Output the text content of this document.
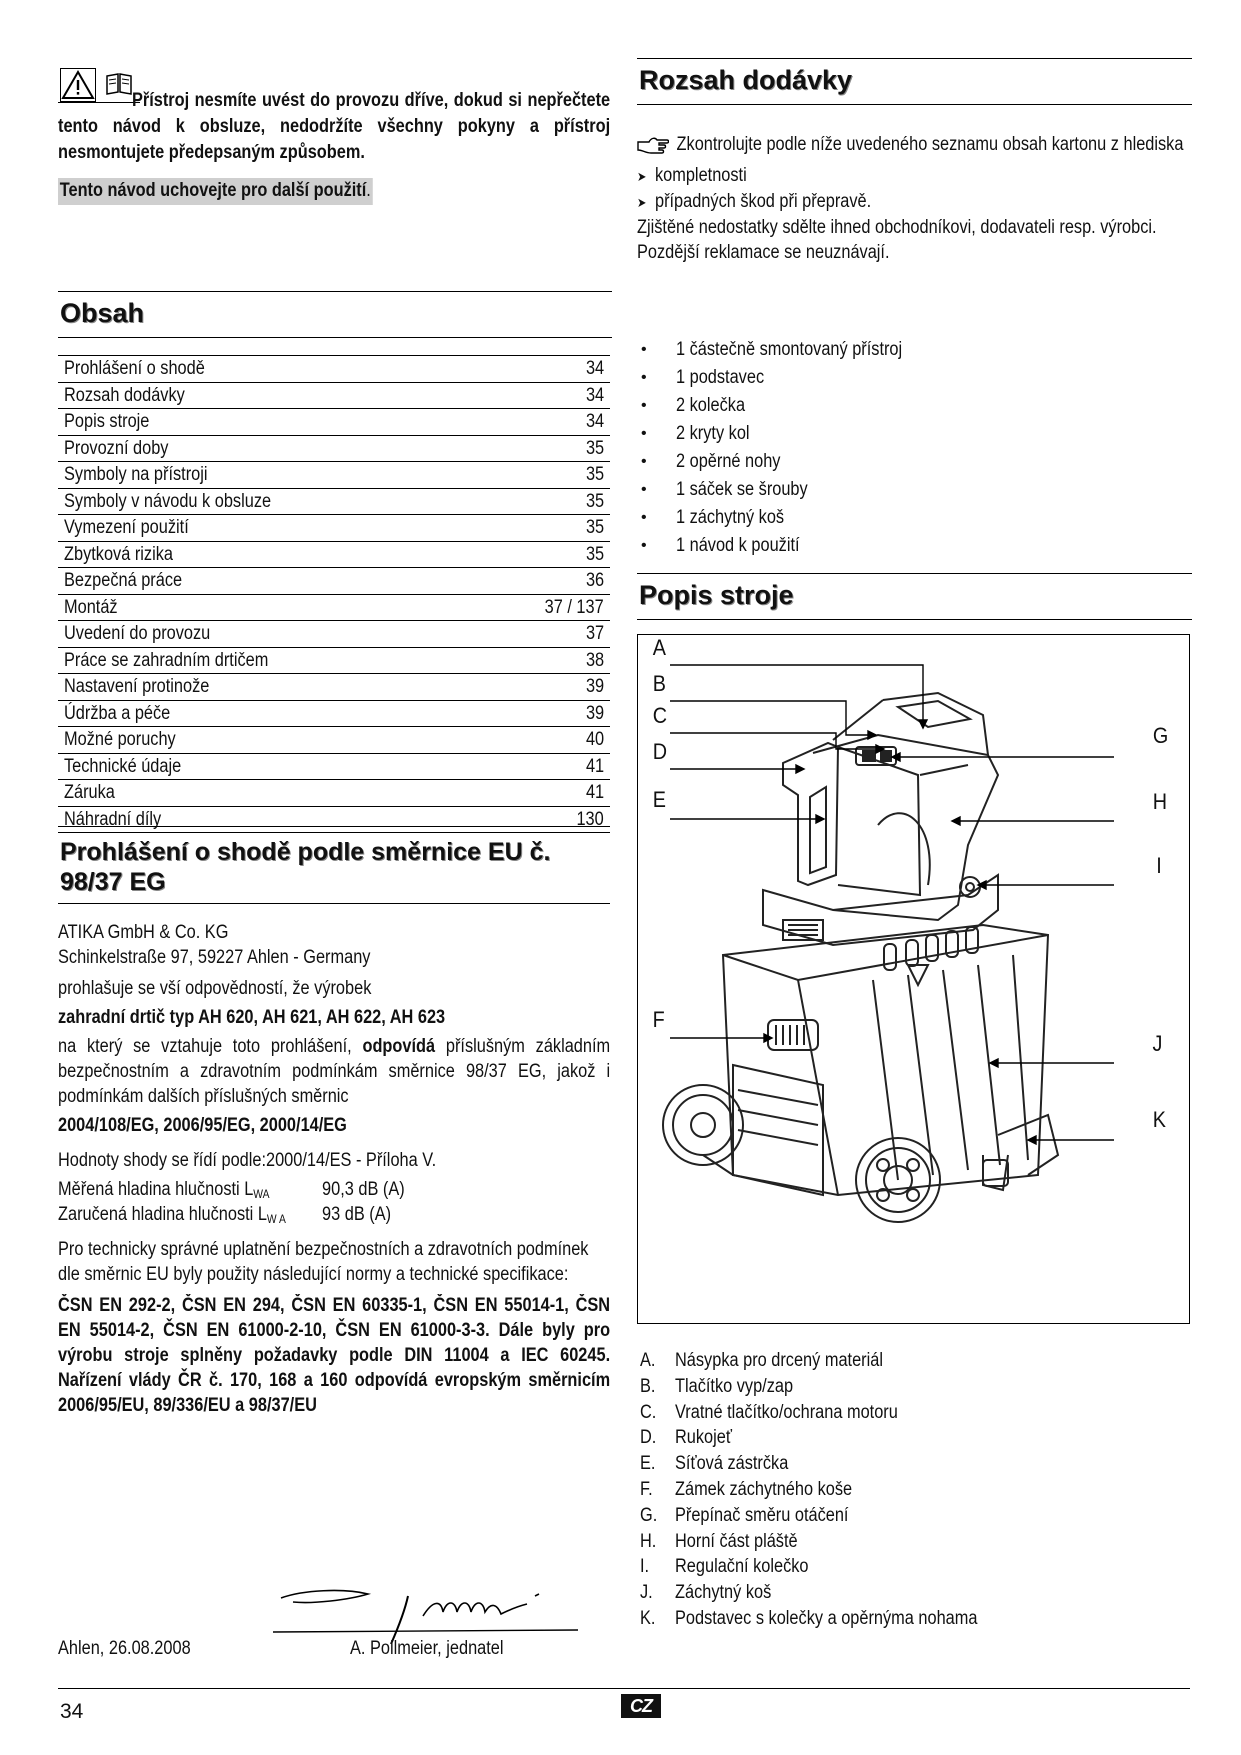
Přístroj nesmíte uvést do provozu dříve, dokud si nepřečtete tento návod k obsluze, nedodržíte všechny pokyny a přístroj nesmontujete předepsaným způsobem.
Tento návod uchovejte pro další použití.
Obsah
Prohlášení o shodě	34
Rozsah dodávky	34
Popis stroje	34
Provozní doby	35
Symboly na přístroji	35
Symboly v návodu k obsluze	35
Vymezení použití	35
Zbytková rizika	35
Bezpečná práce	36
Montáž	37 / 137
Uvedení do provozu	37
Práce se zahradním drtičem	38
Nastavení protinože	39
Údržba a péče	39
Možné poruchy	40
Technické údaje	41
Záruka	41
Náhradní díly	130
Prohlášení o shodě podle směrnice EU č. 98/37 EG
ATIKA GmbH & Co. KG
Schinkelstraße 97, 59227 Ahlen - Germany
prohlašuje se vší odpovědností, že výrobek
zahradní drtič typ AH 620, AH 621, AH 622, AH 623
na který se vztahuje toto prohlášení, odpovídá příslušným základním bezpečnostním a zdravotním podmínkám směrnice 98/37 EG, jakož i podmínkám dalších příslušných směrnic
2004/108/EG, 2006/95/EG, 2000/14/EG
Hodnoty shody se řídí podle:2000/14/ES - Příloha V.
Měřená hladina hlučnosti LWA	90,3 dB (A)
Zaručená hladina hlučnosti LW A 93 dB (A)
Pro technicky správné uplatnění bezpečnostních a zdravotních podmínek dle směrnic EU byly použity následující normy a technické specifikace:
ČSN EN 292-2, ČSN EN 294, ČSN EN 60335-1, ČSN EN 55014-1, ČSN EN 55014-2, ČSN EN 61000-2-10, ČSN EN 61000-3-3. Dále byly pro výrobu stroje splněny požadavky podle DIN 11004 a IEC 60245. Nařízení vlády ČR č. 170, 168 a 160 odpovídá evropským směrnicím 2006/95/EU, 89/336/EU a 98/37/EU
Ahlen, 26.08.2008	A. Pollmeier, jednatel
Rozsah dodávky
Zkontrolujte podle níže uvedeného seznamu obsah kartonu z hlediska
➤ kompletnosti
➤ případných škod při přepravě.
Zjištěné nedostatky sdělte ihned obchodníkovi, dodavateli resp. výrobci. Pozdější reklamace se neuznávají.
• 1 částečně smontovaný přístroj
• 1 podstavec
• 2 kolečka
• 2 kryty kol
• 2 opěrné nohy
• 1 sáček se šrouby
• 1 záchytný koš
• 1 návod k použití
Popis stroje
A
B
C
D
E
F
G
H
I
J
K
A. Násypka pro drcený materiál
B. Tlačítko vyp/zap
C. Vratné tlačítko/ochrana motoru
D. Rukojeť
E. Síťová zástrčka
F. Zámek záchytného koše
G. Přepínač směru otáčení
H. Horní část pláště
I. Regulační kolečko
J. Záchytný koš
K. Podstavec s kolečky a opěrnýma nohama
34	CZ
